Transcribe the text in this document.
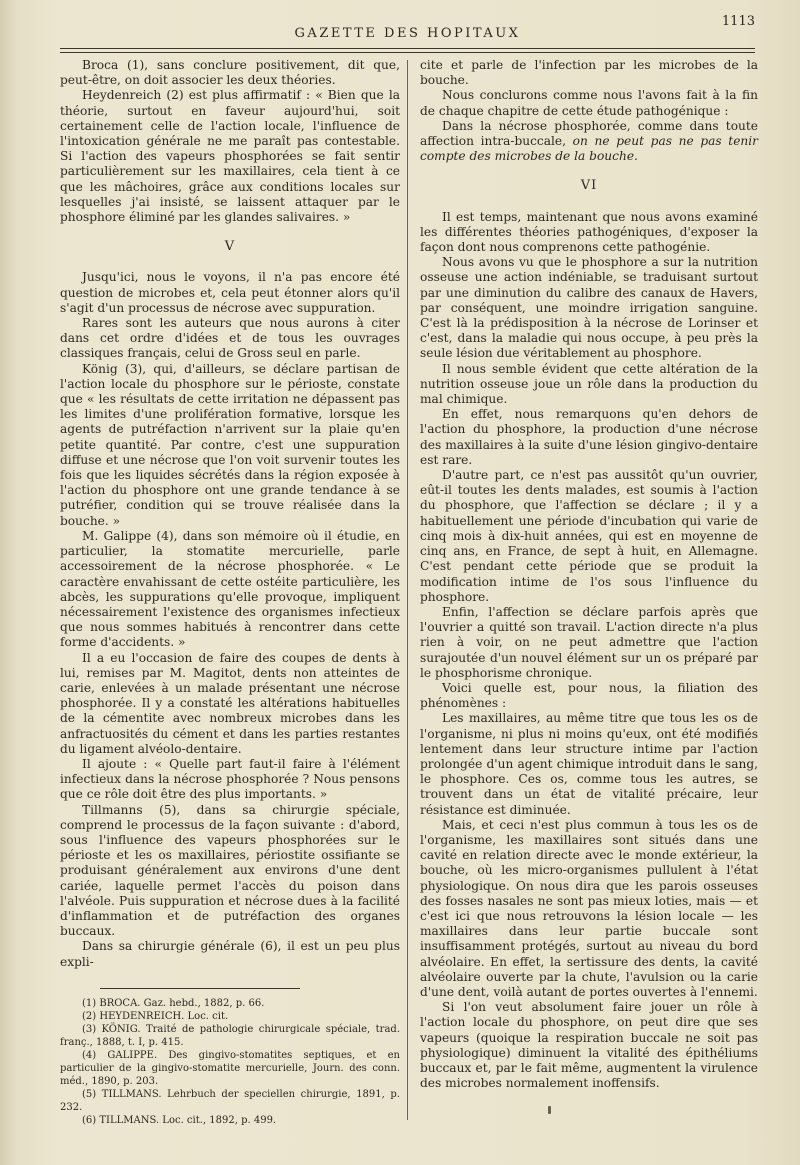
GAZETTE DES HOPITAUX
1113

Broca (1), sans conclure positivement, dit que, peut-être, on doit associer les deux théories.

Heydenreich (2) est plus affirmatif : « Bien que la théorie, surtout en faveur aujourd'hui, soit certainement celle de l'action locale, l'influence de l'intoxication générale ne me paraît pas contestable. Si l'action des vapeurs phosphorées se fait sentir particulièrement sur les maxillaires, cela tient à ce que les mâchoires, grâce aux conditions locales sur lesquelles j'ai insisté, se laissent attaquer par le phosphore éliminé par les glandes salivaires. »

V

Jusqu'ici, nous le voyons, il n'a pas encore été question de microbes et, cela peut étonner alors qu'il s'agit d'un processus de nécrose avec suppuration.

Rares sont les auteurs que nous aurons à citer dans cet ordre d'idées et de tous les ouvrages classiques français, celui de Gross seul en parle.

König (3), qui, d'ailleurs, se déclare partisan de l'action locale du phosphore sur le périoste, constate que « les résultats de cette irritation ne dépassent pas les limites d'une prolifération formative, lorsque les agents de putréfaction n'arrivent sur la plaie qu'en petite quantité. Par contre, c'est une suppuration diffuse et une nécrose que l'on voit survenir toutes les fois que les liquides sécrétés dans la région exposée à l'action du phosphore ont une grande tendance à se putréfier, condition qui se trouve réalisée dans la bouche. »

M. Galippe (4), dans son mémoire où il étudie, en particulier, la stomatite mercurielle, parle accessoirement de la nécrose phosphorée. « Le caractère envahissant de cette ostéite particulière, les abcès, les suppurations qu'elle provoque, impliquent nécessairement l'existence des organismes infectieux que nous sommes habitués à rencontrer dans cette forme d'accidents. »

Il a eu l'occasion de faire des coupes de dents à lui, remises par M. Magitot, dents non atteintes de carie, enlevées à un malade présentant une nécrose phosphorée. Il y a constaté les altérations habituelles de la cémentite avec nombreux microbes dans les anfractuosités du cément et dans les parties restantes du ligament alvéolo-dentaire.

Il ajoute : « Quelle part faut-il faire à l'élément infectieux dans la nécrose phosphorée ? Nous pensons que ce rôle doit être des plus importants. »

Tillmanns (5), dans sa chirurgie spéciale, comprend le processus de la façon suivante : d'abord, sous l'influence des vapeurs phosphorées sur le périoste et les os maxillaires, périostite ossifiante se produisant généralement aux environs d'une dent cariée, laquelle permet l'accès du poison dans l'alvéole. Puis suppuration et nécrose dues à la facilité d'inflammation et de putréfaction des organes buccaux.

Dans sa chirurgie générale (6), il est un peu plus expli-

(1) BROCA. Gaz. hebd., 1882, p. 66.

(2) HEYDENREICH. Loc. cit.

(3) KÖNIG. Traité de pathologie chirurgicale spéciale, trad. franç., 1888, t. I, p. 415.

(4) GALIPPE. Des gingivo-stomatites septiques, et en particulier de la gingivo-stomatite mercurielle, Journ. des conn. méd., 1890, p. 203.

(5) TILLMANS. Lehrbuch der speciellen chirurgie, 1891, p. 232.

(6) TILLMANS. Loc. cit., 1892, p. 499.

cite et parle de l'infection par les microbes de la bouche.

Nous conclurons comme nous l'avons fait à la fin de chaque chapitre de cette étude pathogénique :

Dans la nécrose phosphorée, comme dans toute affection intra-buccale, on ne peut pas ne pas tenir compte des microbes de la bouche.

VI

Il est temps, maintenant que nous avons examiné les différentes théories pathogéniques, d'exposer la façon dont nous comprenons cette pathogénie.

Nous avons vu que le phosphore a sur la nutrition osseuse une action indéniable, se traduisant surtout par une diminution du calibre des canaux de Havers, par conséquent, une moindre irrigation sanguine. C'est là la prédisposition à la nécrose de Lorinser et c'est, dans la maladie qui nous occupe, à peu près la seule lésion due véritablement au phosphore.

Il nous semble évident que cette altération de la nutrition osseuse joue un rôle dans la production du mal chimique.

En effet, nous remarquons qu'en dehors de l'action du phosphore, la production d'une nécrose des maxillaires à la suite d'une lésion gingivo-dentaire est rare.

D'autre part, ce n'est pas aussitôt qu'un ouvrier, eût-il toutes les dents malades, est soumis à l'action du phosphore, que l'affection se déclare ; il y a habituellement une période d'incubation qui varie de cinq mois à dix-huit années, qui est en moyenne de cinq ans, en France, de sept à huit, en Allemagne. C'est pendant cette période que se produit la modification intime de l'os sous l'influence du phosphore.

Enfin, l'affection se déclare parfois après que l'ouvrier a quitté son travail. L'action directe n'a plus rien à voir, on ne peut admettre que l'action surajoutée d'un nouvel élément sur un os préparé par le phosphorisme chronique.

Voici quelle est, pour nous, la filiation des phénomènes :

Les maxillaires, au même titre que tous les os de l'organisme, ni plus ni moins qu'eux, ont été modifiés lentement dans leur structure intime par l'action prolongée d'un agent chimique introduit dans le sang, le phosphore. Ces os, comme tous les autres, se trouvent dans un état de vitalité précaire, leur résistance est diminuée.

Mais, et ceci n'est plus commun à tous les os de l'organisme, les maxillaires sont situés dans une cavité en relation directe avec le monde extérieur, la bouche, où les micro-organismes pullulent à l'état physiologique. On nous dira que les parois osseuses des fosses nasales ne sont pas mieux loties, mais — et c'est ici que nous retrouvons la lésion locale — les maxillaires dans leur partie buccale sont insuffisamment protégés, surtout au niveau du bord alvéolaire. En effet, la sertissure des dents, la cavité alvéolaire ouverte par la chute, l'avulsion ou la carie d'une dent, voilà autant de portes ouvertes à l'ennemi.

Si l'on veut absolument faire jouer un rôle à l'action locale du phosphore, on peut dire que ses vapeurs (quoique la respiration buccale ne soit pas physiologique) diminuent la vitalité des épithéliums buccaux et, par le fait même, augmentent la virulence des microbes normalement inoffensifs.
